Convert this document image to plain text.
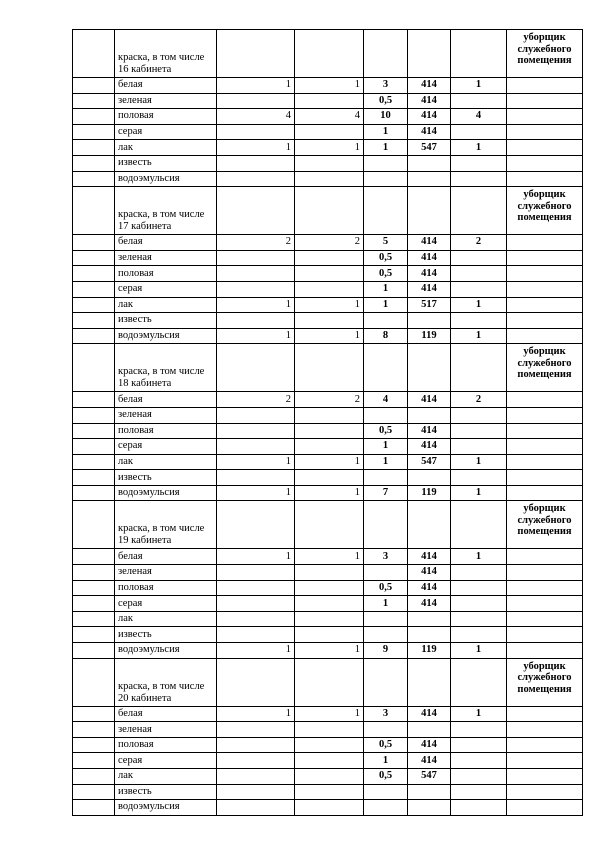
	краска, в том числе 16 кабинета						уборщик служебного помещения
	белая	1	1	3	414	1	
	зеленая			0,5	414		
	половая	4	4	10	414	4	
	серая			1	414		
	лак	1	1	1	547	1	
	известь						
	водоэмульсия						
	краска, в том числе 17 кабинета						уборщик служебного помещения
	белая	2	2	5	414	2	
	зеленая			0,5	414		
	половая			0,5	414		
	серая			1	414		
	лак	1	1	1	517	1	
	известь						
	водоэмульсия	1	1	8	119	1	
	краска, в том числе 18 кабинета						уборщик служебного помещения
	белая	2	2	4	414	2	
	зеленая						
	половая			0,5	414		
	серая			1	414		
	лак	1	1	1	547	1	
	известь						
	водоэмульсия	1	1	7	119	1	
	краска, в том числе 19 кабинета						уборщик служебного помещения
	белая	1	1	3	414	1	
	зеленая				414		
	половая			0,5	414		
	серая			1	414		
	лак						
	известь						
	водоэмульсия	1	1	9	119	1	
	краска, в том числе 20 кабинета						уборщик служебного помещения
	белая	1	1	3	414	1	
	зеленая						
	половая			0,5	414		
	серая			1	414		
	лак			0,5	547		
	известь						
	водоэмульсия						
